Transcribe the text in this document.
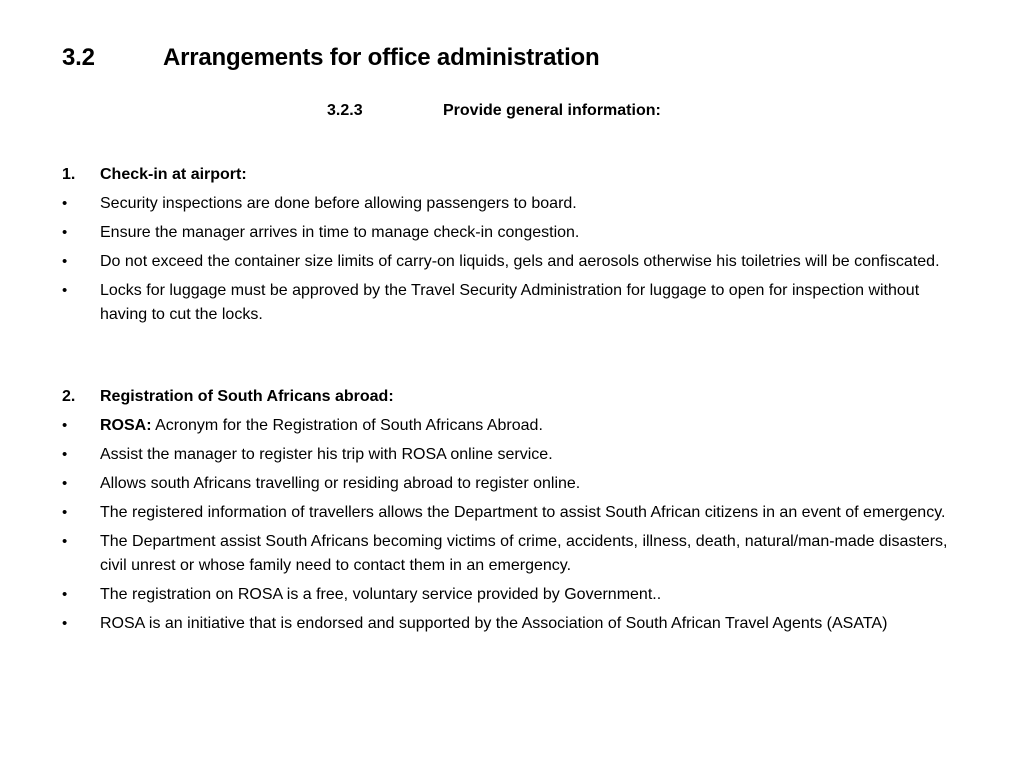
3.2	Arrangements for office administration
3.2.3	Provide general information:
1.	Check-in at airport:
•	Security inspections are done before allowing passengers to board.
•	Ensure the manager arrives in time to manage check-in congestion.
•	Do not exceed the container size limits of carry-on liquids, gels and aerosols otherwise his toiletries will be confiscated.
•	Locks for luggage must be approved by the Travel Security Administration for luggage to open for inspection without having to cut the locks.
2.	Registration of South Africans abroad:
•	ROSA: Acronym for the Registration of South Africans Abroad.
•	Assist the manager to register his trip with ROSA online service.
•	Allows south Africans travelling or residing abroad to register online.
•	The registered information of travellers allows the Department to assist South African citizens in an event of emergency.
•	The Department assist South Africans becoming victims of crime, accidents, illness, death, natural/man-made disasters, civil unrest or whose family need to contact them in an emergency.
•	The registration on ROSA is a free, voluntary service provided by Government..
•	ROSA is an initiative that is endorsed and supported by the Association of South African Travel Agents (ASATA)
